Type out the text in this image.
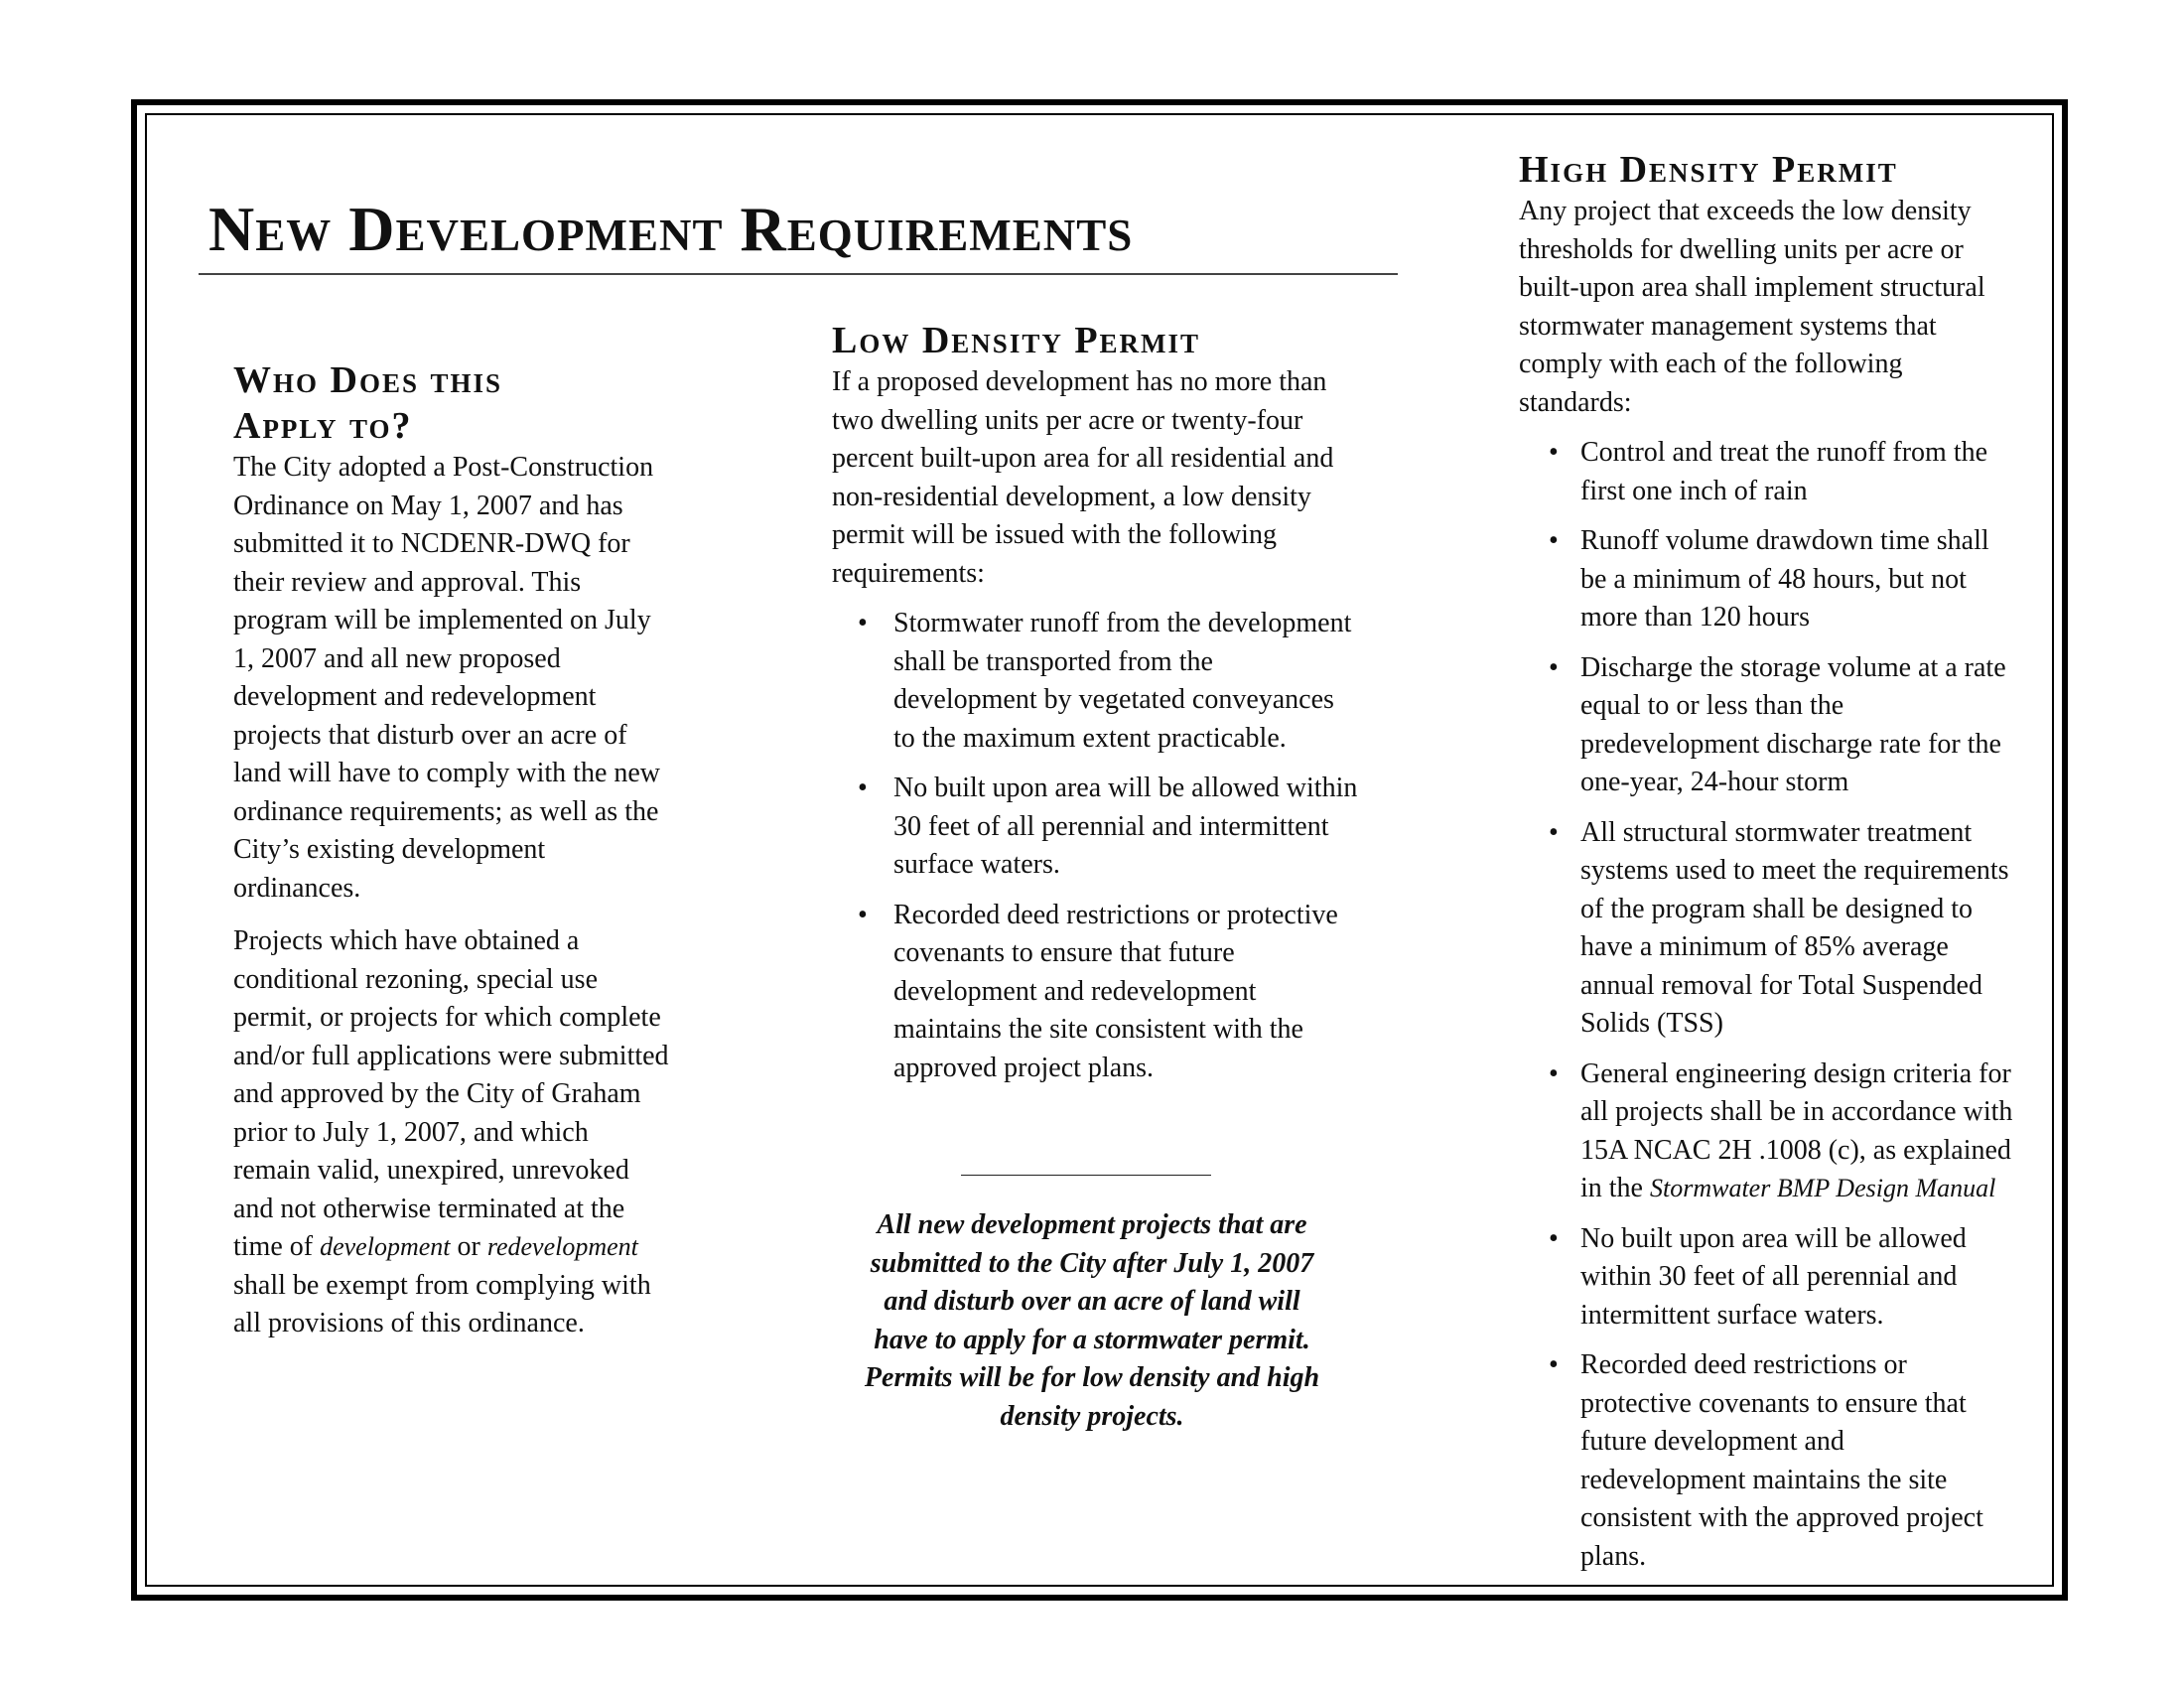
New Development Requirements
Who Does this
Apply to?

The City adopted a Post-Construction Ordinance on May 1, 2007 and has submitted it to NCDENR-DWQ for their review and approval. This program will be implemented on July 1, 2007 and all new proposed development and redevelopment projects that disturb over an acre of land will have to comply with the new ordinance requirements; as well as the City’s existing development ordinances.

Projects which have obtained a conditional rezoning, special use permit, or projects for which complete and/or full applications were submitted and approved by the City of Graham prior to July 1, 2007, and which remain valid, unexpired, unrevoked and not otherwise terminated at the time of development or redevelopment shall be exempt from complying with all provisions of this ordinance.

Low Density Permit

If a proposed development has no more than two dwelling units per acre or twenty-four percent built-upon area for all residential and non-residential development, a low density permit will be issued with the following requirements:

• Stormwater runoff from the development shall be transported from the development by vegetated conveyances to the maximum extent practicable.
• No built upon area will be allowed within 30 feet of all perennial and intermittent surface waters.
• Recorded deed restrictions or protective covenants to ensure that future development and redevelopment maintains the site consistent with the approved project plans.
All new development projects that are submitted to the City after July 1, 2007 and disturb over an acre of land will have to apply for a stormwater permit. Permits will be for low density and high density projects.
High Density Permit

Any project that exceeds the low density thresholds for dwelling units per acre or built-upon area shall implement structural stormwater management systems that comply with each of the following standards:

• Control and treat the runoff from the first one inch of rain
• Runoff volume drawdown time shall be a minimum of 48 hours, but not more than 120 hours
• Discharge the storage volume at a rate equal to or less than the predevelopment discharge rate for the one-year, 24-hour storm
• All structural stormwater treatment systems used to meet the requirements of the program shall be designed to have a minimum of 85% average annual removal for Total Suspended Solids (TSS)
• General engineering design criteria for all projects shall be in accordance with 15A NCAC 2H .1008 (c), as explained in the Stormwater BMP Design Manual
• No built upon area will be allowed within 30 feet of all perennial and intermittent surface waters.
• Recorded deed restrictions or protective covenants to ensure that future development and redevelopment maintains the site consistent with the approved project plans.
